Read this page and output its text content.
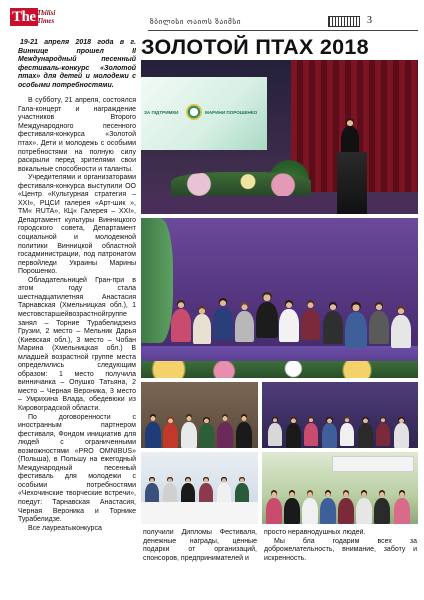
The Tbilisi Times	ზბილისი ოაიოს ზაიმსი	3
ЗОЛОТОЙ ПТАХ 2018

19-21 апреля 2018 года в г. Виннице прошел II Международный песенный фестиваль-конкурс «Золотой птах» для детей и молодежи с особыми потребностями.

В субботу, 21 апреля, состоялся Гала-концерт и награждение участников Второго Международного песенного фестиваля-конкурса «Золотой птах». Дети и молодежь с особыми потребностями на полную силу раскрыли перед зрителями свои вокальные способности и таланты.

Учредителями и организаторами фестиваля-конкурса выступили ОО «Центр «Культурная стратегия – XXI», РЦСИ галерея «Арт-шик », ТМ« RUTA», КЦ« Галерея – XXI», Департамент культуры Винницкого городского совета, Департамент социальной и молодежной политики Винницкой областной госадминистрации, под патронатом первойледи Украины Марины Порошенко.

Обладательницей Гран-при в этом году стала шестнадцатилетняя Анастасия Тарнавская (Хмельницкая обл.), 1 местовстаршейвозрастнойгруппе занял – Торние Турабелидзеиз Грузии, 2 место – Мельник Дарья (Киевская обл.), 3 место – Чобан Марина (Хмельницкая обл.) В младшей возрастной группе места определились следующим образом: 1 место получила винничанка – Опушко Татьяна, 2 место – Черная Вероника, 3 место – Умрихина Влада, обедевюки из Кировоградской области.

По договоренности с иностранным партнером фестиваля, Фондом инициатив для людей с ограниченными возможностями «PRO OMNIBUS» (Польша), в Польшу на ежегодный Международный песенный фестиваль для молодежи с особыми потребностями «Чехочинские творческие встречи», поедут: Тарнавская Анастасия, Черная Вероника и Торнике Турабелидзе.

Все лауреатыконкурса

ЗА ПІДТРИМКИ	МАРИНИ ПОРОШЕНКО

получили Дипломы Фестиваля, денежные награды, ценные подарки от организаций, спонсоров, предпринимателей и

просто неравнодушных людей.

Мы бла годарим всех за доброжелательность, внимание, заботу и искренность.
